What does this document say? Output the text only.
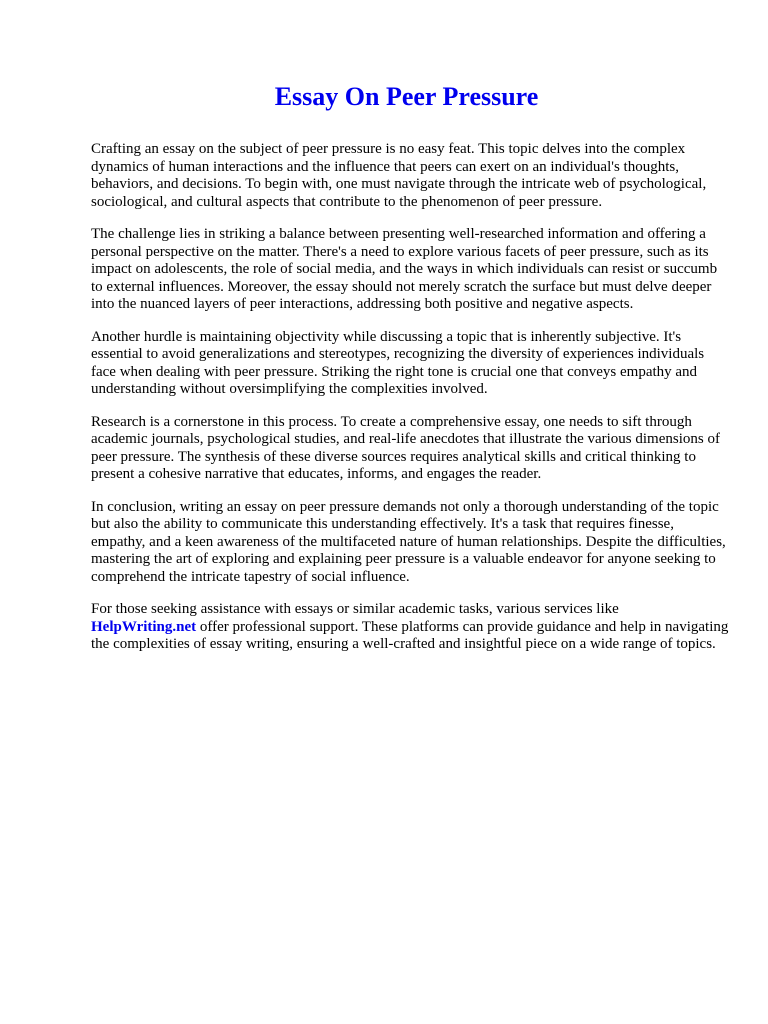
Essay On Peer Pressure

Crafting an essay on the subject of peer pressure is no easy feat. This topic delves into the complex dynamics of human interactions and the influence that peers can exert on an individual's thoughts, behaviors, and decisions. To begin with, one must navigate through the intricate web of psychological, sociological, and cultural aspects that contribute to the phenomenon of peer pressure.

The challenge lies in striking a balance between presenting well-researched information and offering a personal perspective on the matter. There's a need to explore various facets of peer pressure, such as its impact on adolescents, the role of social media, and the ways in which individuals can resist or succumb to external influences. Moreover, the essay should not merely scratch the surface but must delve deeper into the nuanced layers of peer interactions, addressing both positive and negative aspects.

Another hurdle is maintaining objectivity while discussing a topic that is inherently subjective. It's essential to avoid generalizations and stereotypes, recognizing the diversity of experiences individuals face when dealing with peer pressure. Striking the right tone is crucial one that conveys empathy and understanding without oversimplifying the complexities involved.

Research is a cornerstone in this process. To create a comprehensive essay, one needs to sift through academic journals, psychological studies, and real-life anecdotes that illustrate the various dimensions of peer pressure. The synthesis of these diverse sources requires analytical skills and critical thinking to present a cohesive narrative that educates, informs, and engages the reader.

In conclusion, writing an essay on peer pressure demands not only a thorough understanding of the topic but also the ability to communicate this understanding effectively. It's a task that requires finesse, empathy, and a keen awareness of the multifaceted nature of human relationships. Despite the difficulties, mastering the art of exploring and explaining peer pressure is a valuable endeavor for anyone seeking to comprehend the intricate tapestry of social influence.

For those seeking assistance with essays or similar academic tasks, various services like
HelpWriting.net offer professional support. These platforms can provide guidance and help in navigating the complexities of essay writing, ensuring a well-crafted and insightful piece on a wide range of topics.
